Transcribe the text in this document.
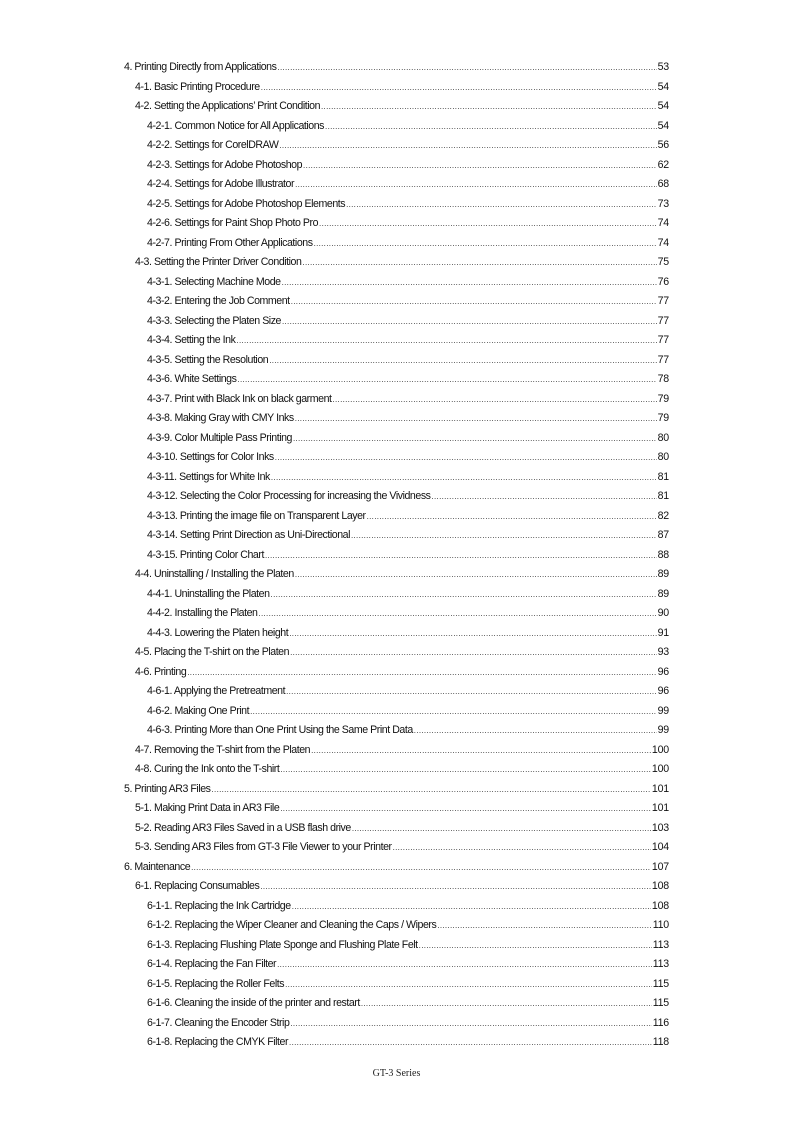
4. Printing Directly from Applications .....	53
4-1. Basic Printing Procedure .....	54
4-2. Setting the Applications’ Print Condition .....	54
4-2-1. Common Notice for All Applications .....	54
4-2-2. Settings for CorelDRAW .....	56
4-2-3. Settings for Adobe Photoshop .....	62
4-2-4. Settings for Adobe Illustrator .....	68
4-2-5. Settings for Adobe Photoshop Elements .....	73
4-2-6. Settings for Paint Shop Photo Pro .....	74
4-2-7. Printing From Other Applications .....	74
4-3. Setting the Printer Driver Condition .....	75
4-3-1. Selecting Machine Mode .....	76
4-3-2. Entering the Job Comment .....	77
4-3-3. Selecting the Platen Size .....	77
4-3-4. Setting the Ink .....	77
4-3-5. Setting the Resolution .....	77
4-3-6. White Settings .....	78
4-3-7. Print with Black Ink on black garment .....	79
4-3-8. Making Gray with CMY Inks .....	79
4-3-9. Color Multiple Pass Printing .....	80
4-3-10. Settings for Color Inks .....	80
4-3-11. Settings for White Ink .....	81
4-3-12. Selecting the Color Processing for increasing the Vividness .....	81
4-3-13. Printing the image file on Transparent Layer .....	82
4-3-14. Setting Print Direction as Uni-Directional .....	87
4-3-15. Printing Color Chart .....	88
4-4. Uninstalling / Installing the Platen .....	89
4-4-1. Uninstalling the Platen .....	89
4-4-2. Installing the Platen .....	90
4-4-3. Lowering the Platen height .....	91
4-5. Placing the T-shirt on the Platen .....	93
4-6. Printing .....	96
4-6-1. Applying the Pretreatment .....	96
4-6-2. Making One Print .....	99
4-6-3. Printing More than One Print Using the Same Print Data .....	99
4-7. Removing the T-shirt from the Platen .....	100
4-8. Curing the Ink onto the T-shirt .....	100
5. Printing AR3 Files .....	101
5-1. Making Print Data in AR3 File .....	101
5-2. Reading AR3 Files Saved in a USB flash drive .....	103
5-3. Sending AR3 Files from GT-3 File Viewer to your Printer .....	104
6. Maintenance .....	107
6-1. Replacing Consumables .....	108
6-1-1. Replacing the Ink Cartridge .....	108
6-1-2. Replacing the Wiper Cleaner and Cleaning the Caps / Wipers .....	110
6-1-3. Replacing Flushing Plate Sponge and Flushing Plate Felt .....	113
6-1-4. Replacing the Fan Filter .....	113
6-1-5. Replacing the Roller Felts .....	115
6-1-6. Cleaning the inside of the printer and restart .....	115
6-1-7. Cleaning the Encoder Strip .....	116
6-1-8. Replacing the CMYK Filter .....	118
GT-3 Series
